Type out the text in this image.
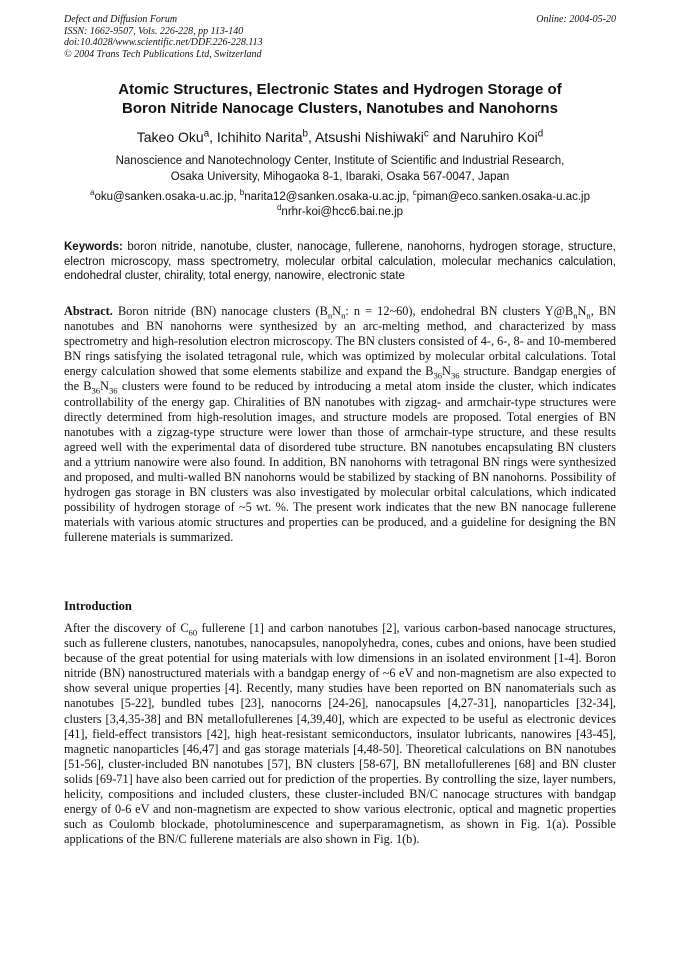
Defect and Diffusion Forum	Online: 2004-05-20
ISSN: 1662-9507, Vols. 226-228, pp 113-140
doi:10.4028/www.scientific.net/DDF.226-228.113
© 2004 Trans Tech Publications Ltd, Switzerland
Atomic Structures, Electronic States and Hydrogen Storage of
Boron Nitride Nanocage Clusters, Nanotubes and Nanohorns
Takeo Oku$^a$, Ichihito Narita$^b$, Atsushi Nishiwaki$^c$ and Naruhiro Koi$^d$
Nanoscience and Nanotechnology Center, Institute of Scientific and Industrial Research,
Osaka University, Mihogaoka 8-1, Ibaraki, Osaka 567-0047, Japan
$^a$oku@sanken.osaka-u.ac.jp, $^b$narita12@sanken.osaka-u.ac.jp, $^c$piman@eco.sanken.osaka-u.ac.jp
$^d$nrhr-koi@hcc6.bai.ne.jp
Keywords: boron nitride, nanotube, cluster, nanocage, fullerene, nanohorns, hydrogen storage, structure, electron microscopy, mass spectrometry, molecular orbital calculation, molecular mechanics calculation, endohedral cluster, chirality, total energy, nanowire, electronic state
Abstract. Boron nitride (BN) nanocage clusters ($B_nN_n$: n = 12~60), endohedral BN clusters $Y@B_nN_n$, BN nanotubes and BN nanohorns were synthesized by an arc-melting method, and characterized by mass spectrometry and high-resolution electron microscopy. The BN clusters consisted of 4-, 6-, 8- and 10-membered BN rings satisfying the isolated tetragonal rule, which was optimized by molecular orbital calculations. Total energy calculation showed that some elements stabilize and expand the $B_{36}N_{36}$ structure. Bandgap energies of the $B_{36}N_{36}$ clusters were found to be reduced by introducing a metal atom inside the cluster, which indicates controllability of the energy gap. Chiralities of BN nanotubes with zigzag- and armchair-type structures were directly determined from high-resolution images, and structure models are proposed. Total energies of BN nanotubes with a zigzag-type structure were lower than those of armchair-type structure, and these results agreed well with the experimental data of disordered tube structure. BN nanotubes encapsulating BN clusters and a yttrium nanowire were also found. In addition, BN nanohorns with tetragonal BN rings were synthesized and proposed, and multi-walled BN nanohorns would be stabilized by stacking of BN nanohorns. Possibility of hydrogen gas storage in BN clusters was also investigated by molecular orbital calculations, which indicated possibility of hydrogen storage of ~5 wt. %. The present work indicates that the new BN nanocage fullerene materials with various atomic structures and properties can be produced, and a guideline for designing the BN fullerene materials is summarized.
Introduction
After the discovery of $C_{60}$ fullerene [1] and carbon nanotubes [2], various carbon-based nanocage structures, such as fullerene clusters, nanotubes, nanocapsules, nanopolyhedra, cones, cubes and onions, have been studied because of the great potential for using materials with low dimensions in an isolated environment [1-4]. Boron nitride (BN) nanostructured materials with a bandgap energy of ~6 eV and non-magnetism are also expected to show several unique properties [4]. Recently, many studies have been reported on BN nanomaterials such as nanotubes [5-22], bundled tubes [23], nanocorns [24-26], nanocapsules [4,27-31], nanoparticles [32-34], clusters [3,4,35-38] and BN metallofullerenes [4,39,40], which are expected to be useful as electronic devices [41], field-effect transistors [42], high heat-resistant semiconductors, insulator lubricants, nanowires [43-45], magnetic nanoparticles [46,47] and gas storage materials [4,48-50]. Theoretical calculations on BN nanotubes [51-56], cluster-included BN nanotubes [57], BN clusters [58-67], BN metallofullerenes [68] and BN cluster solids [69-71] have also been carried out for prediction of the properties. By controlling the size, layer numbers, helicity, compositions and included clusters, these cluster-included BN/C nanocage structures with bandgap energy of 0-6 eV and non-magnetism are expected to show various electronic, optical and magnetic properties such as Coulomb blockade, photoluminescence and superparamagnetism, as shown in Fig. 1(a). Possible applications of the BN/C fullerene materials are also shown in Fig. 1(b).
